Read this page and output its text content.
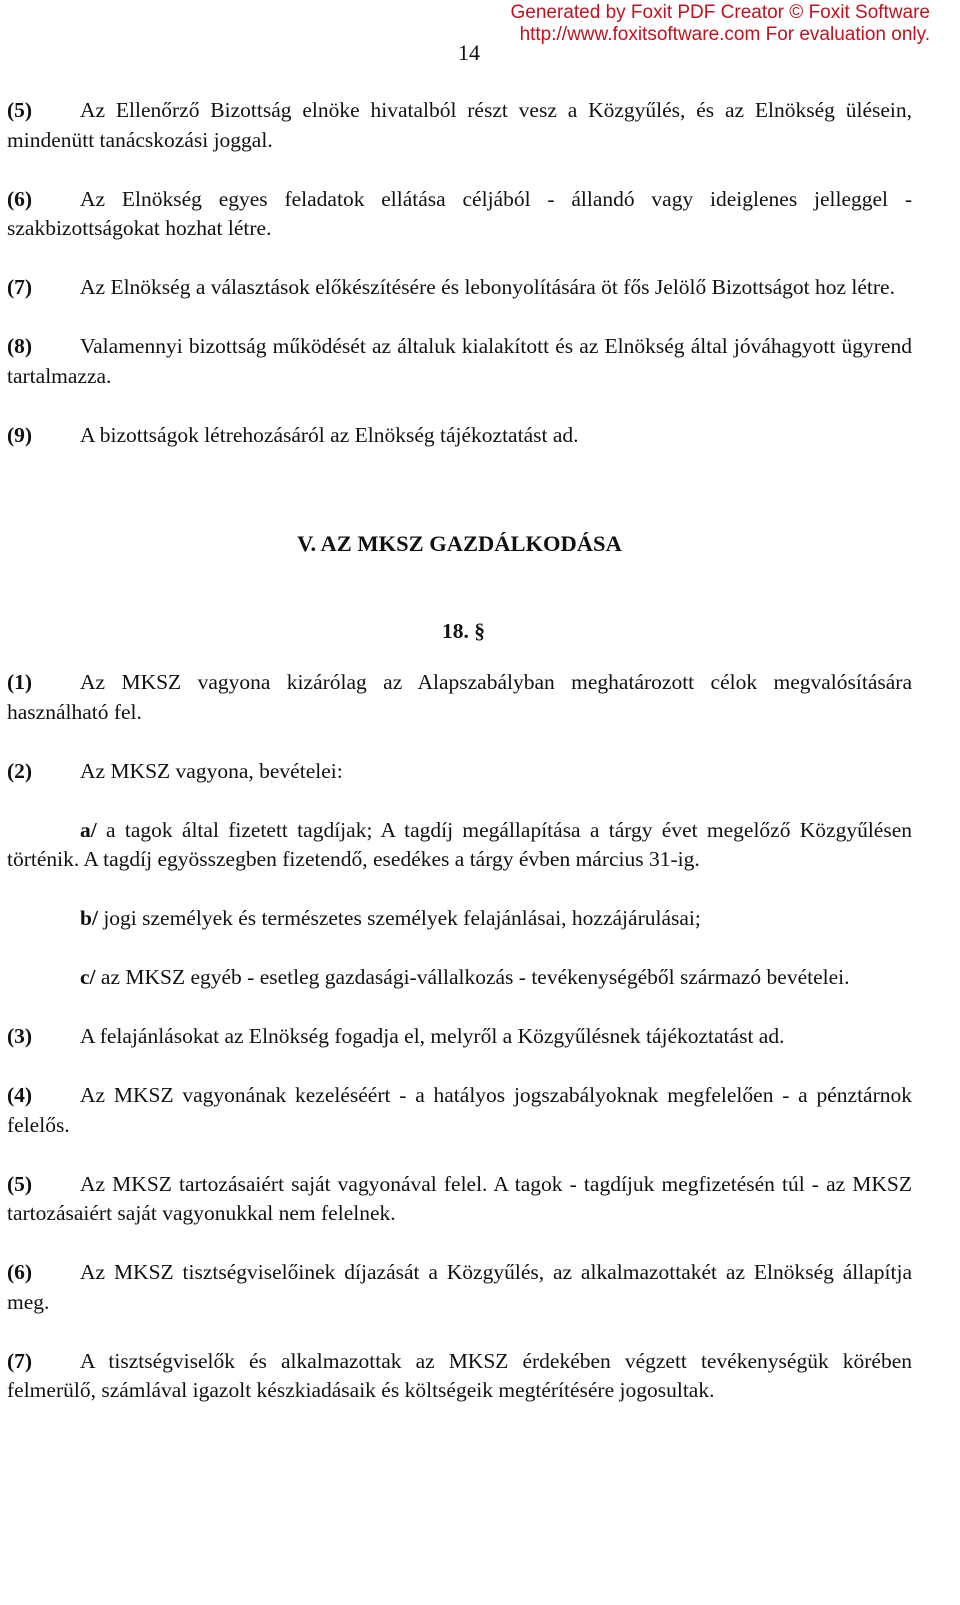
Generated by Foxit PDF Creator © Foxit Software
http://www.foxitsoftware.com For evaluation only.
14

(5) Az Ellenőrző Bizottság elnöke hivatalból részt vesz a Közgyűlés, és az Elnökség ülésein, mindenütt tanácskozási joggal.

(6) Az Elnökség egyes feladatok ellátása céljából - állandó vagy ideiglenes jelleggel - szakbizottságokat hozhat létre.

(7) Az Elnökség a választások előkészítésére és lebonyolítására öt fős Jelölő Bizottságot hoz létre.

(8) Valamennyi bizottság működését az általuk kialakított és az Elnökség által jóváhagyott ügyrend tartalmazza.

(9) A bizottságok létrehozásáról az Elnökség tájékoztatást ad.

V. AZ MKSZ GAZDÁLKODÁSA
18. §

(1) Az MKSZ vagyona kizárólag az Alapszabályban meghatározott célok megvalósítására használható fel.

(2) Az MKSZ vagyona, bevételei:

a/ a tagok által fizetett tagdíjak; A tagdíj megállapítása a tárgy évet megelőző Közgyűlésen történik. A tagdíj egyösszegben fizetendő, esedékes a tárgy évben március 31-ig.

b/ jogi személyek és természetes személyek felajánlásai, hozzájárulásai;

c/ az MKSZ egyéb - esetleg gazdasági-vállalkozás - tevékenységéből származó bevételei.

(3) A felajánlásokat az Elnökség fogadja el, melyről a Közgyűlésnek tájékoztatást ad.

(4) Az MKSZ vagyonának kezeléséért - a hatályos jogszabályoknak megfelelően - a pénztárnok felelős.

(5) Az MKSZ tartozásaiért saját vagyonával felel. A tagok - tagdíjuk megfizetésén túl - az MKSZ tartozásaiért saját vagyonukkal nem felelnek.

(6) Az MKSZ tisztségviselőinek díjazását a Közgyűlés, az alkalmazottakét az Elnökség állapítja meg.

(7) A tisztségviselők és alkalmazottak az MKSZ érdekében végzett tevékenységük körében felmerülő, számlával igazolt készkiadásaik és költségeik megtérítésére jogosultak.
